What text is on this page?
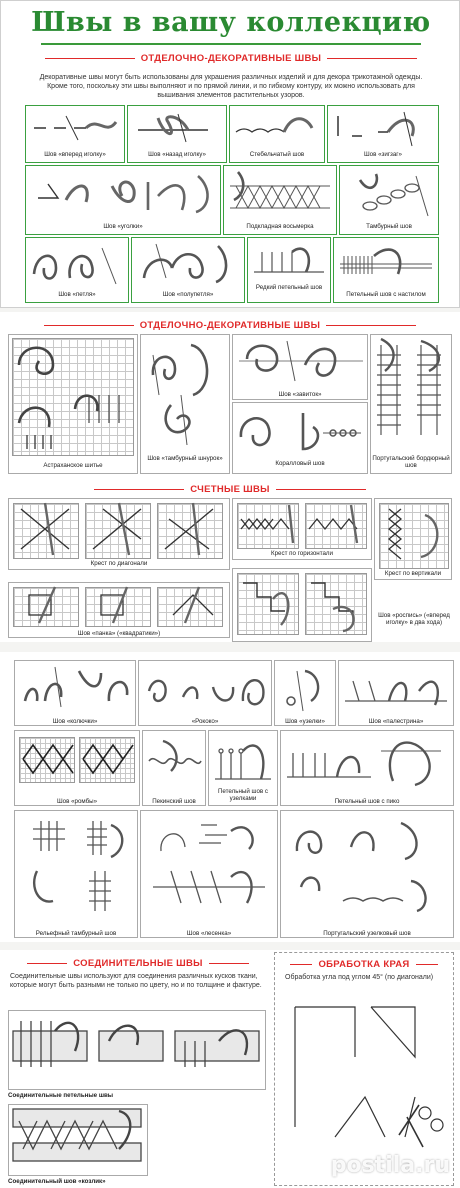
Швы в вашу коллекцию
ОТДЕЛОЧНО-ДЕКОРАТИВНЫЕ ШВЫ
Декоративные швы могут быть использованы для украшения различных изделий и для декора трикотажной одежды. Кроме того, поскольку эти швы выполняют и по прямой линии, и по гибкому контуру, их можно использовать для вышивания элементов растительных узоров.
Шов «вперед иголку»	Шов «назад иголку»	Стебельчатый шов	Шов «зигзаг»
Шов «уголки»	Подкладная восьмерка	Тамбурный шов
Шов «петля»	Шов «полупетля»
Редкий петельный шов
Петельный шов с настилом
ОТДЕЛОЧНО-ДЕКОРАТИВНЫЕ ШВЫ
Астраханское шитье
Шов «тамбурный шнурок»
Шов «завиток»
Коралловый шов
Португальский бордюрный шов
СЧЕТНЫЕ ШВЫ
Крест по диагонали
Крест по горизонтали
Крест по вертикали
Шов «панка» («квадратики»)
Шов «роспись» («вперед иголку» в два хода)
Шов «колючки»	«Рококо»	Шов «узелки»	Шов «палестрина»
Шов «ромбы»	Пекинский шов
Петельный шов с узелками	Петельный шов с пико
Рельефный тамбурный шов	Шов «лесенка»	Португальский узелковый шов
СОЕДИНИТЕЛЬНЫЕ ШВЫ
Соединительные швы используют для соединения различных кусков ткани, которые могут быть разными не только по цвету, но и по толщине и фактуре.
Соединительные петельные швы
Соединительный шов «козлик»
ОБРАБОТКА КРАЯ
Обработка угла под углом 45° (по диагонали)
postila.ru
